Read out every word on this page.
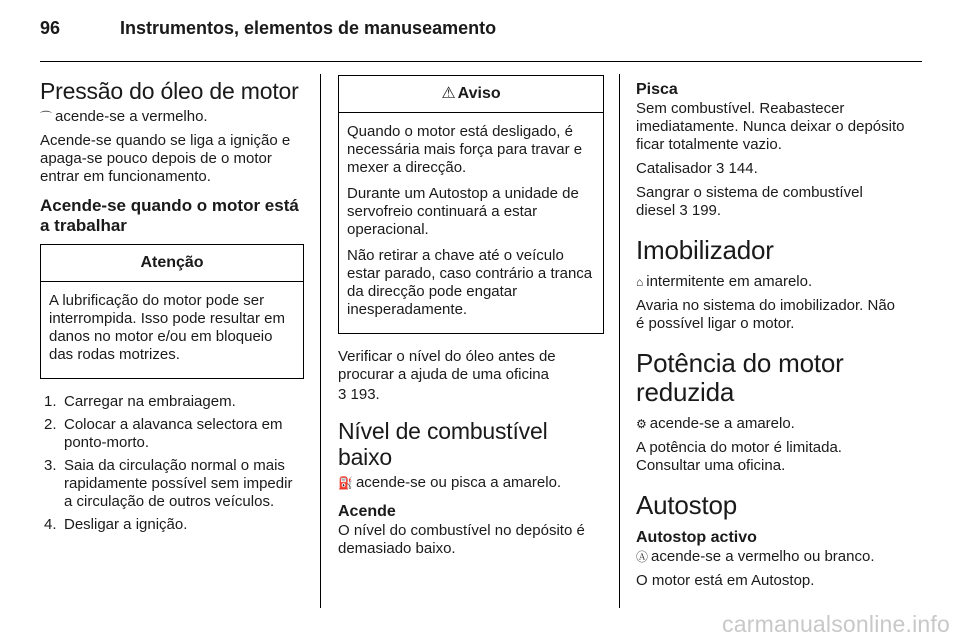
96	Instrumentos, elementos de manuseamento
Pressão do óleo de motor

⌒ acende-se a vermelho.

Acende-se quando se liga a ignição e apaga-se pouco depois de o motor entrar em funcionamento.

Acende-se quando o motor está a trabalhar
Atenção

A lubrificação do motor pode ser interrompida. Isso pode resultar em danos no motor e/ou em bloqueio das rodas motrizes.

1. Carregar na embraiagem.
2. Colocar a alavanca selectora em ponto-morto.
3. Saia da circulação normal o mais rapidamente possível sem impedir a circulação de outros veículos.
4. Desligar a ignição.
⚠ Aviso

Quando o motor está desligado, é necessária mais força para travar e mexer a direcção.

Durante um Autostop a unidade de servofreio continuará a estar operacional.

Não retirar a chave até o veículo estar parado, caso contrário a tranca da direcção pode engatar inesperadamente.

Verificar o nível do óleo antes de procurar a ajuda de uma oficina

3 193.

Nível de combustível baixo

⛽ acende-se ou pisca a amarelo.

Acende

O nível do combustível no depósito é demasiado baixo.

Pisca

Sem combustível. Reabastecer imediatamente. Nunca deixar o depósito ficar totalmente vazio.

Catalisador 3 144.

Sangrar o sistema de combustível diesel 3 199.

Imobilizador

⌂ intermitente em amarelo.

Avaria no sistema do imobilizador. Não é possível ligar o motor.

Potência do motor reduzida

⚙ acende-se a amarelo.

A potência do motor é limitada. Consultar uma oficina.

Autostop
Autostop activo

Ⓐ acende-se a vermelho ou branco.

O motor está em Autostop.

carmanualsonline.info
